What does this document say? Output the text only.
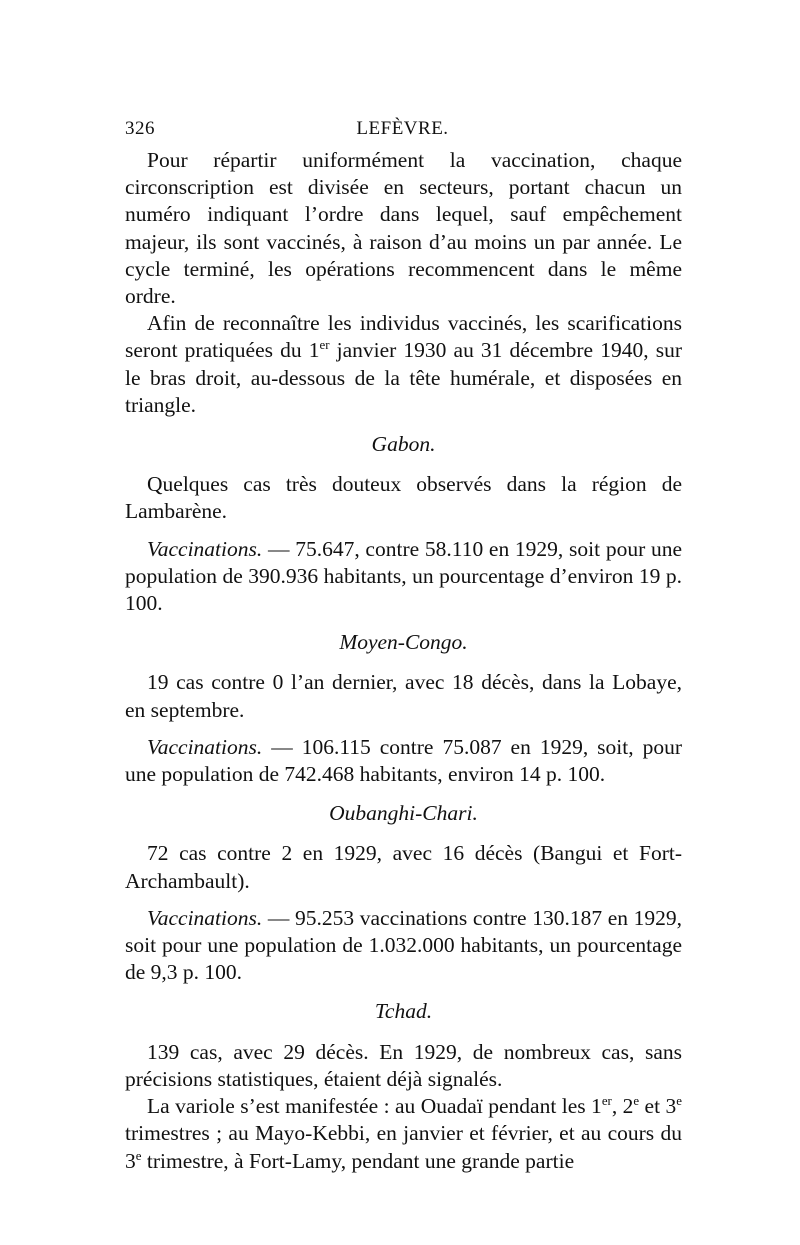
326	LEFÈVRE.

Pour répartir uniformément la vaccination, chaque circonscription est divisée en secteurs, portant chacun un numéro indiquant l’ordre dans lequel, sauf empêchement majeur, ils sont vaccinés, à raison d’au moins un par année. Le cycle terminé, les opérations recommencent dans le même ordre.

Afin de reconnaître les individus vaccinés, les scarifications seront pratiquées du 1er janvier 1930 au 31 décembre 1940, sur le bras droit, au-dessous de la tête humérale, et disposées en triangle.

Gabon.

Quelques cas très douteux observés dans la région de Lambarène.

Vaccinations. — 75.647, contre 58.110 en 1929, soit pour une population de 390.936 habitants, un pourcentage d’environ 19 p. 100.

Moyen-Congo.

19 cas contre 0 l’an dernier, avec 18 décès, dans la Lobaye, en septembre.

Vaccinations. — 106.115 contre 75.087 en 1929, soit, pour une population de 742.468 habitants, environ 14 p. 100.

Oubanghi-Chari.

72 cas contre 2 en 1929, avec 16 décès (Bangui et Fort-Archambault).

Vaccinations. — 95.253 vaccinations contre 130.187 en 1929, soit pour une population de 1.032.000 habitants, un pourcentage de 9,3 p. 100.

Tchad.

139 cas, avec 29 décès. En 1929, de nombreux cas, sans précisions statistiques, étaient déjà signalés.

La variole s’est manifestée : au Ouadaï pendant les 1er, 2e et 3e trimestres ; au Mayo-Kebbi, en janvier et février, et au cours du 3e trimestre, à Fort-Lamy, pendant une grande partie
